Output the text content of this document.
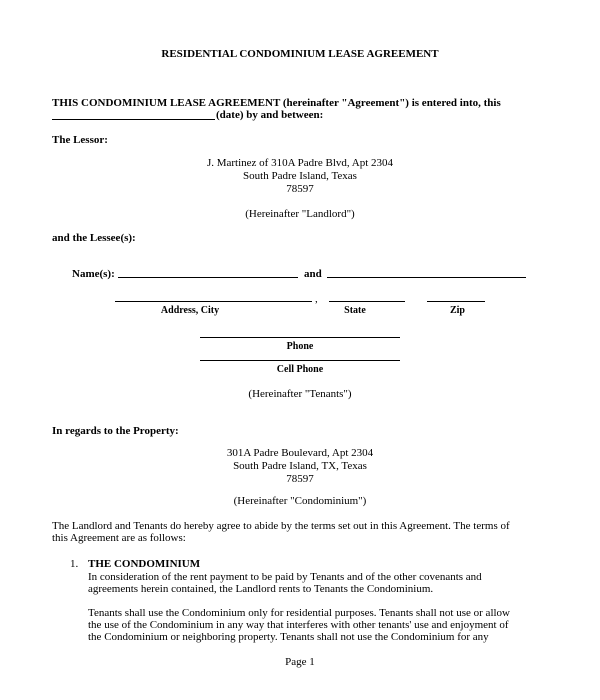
RESIDENTIAL CONDOMINIUM LEASE AGREEMENT
THIS CONDOMINIUM LEASE AGREEMENT (hereinafter "Agreement") is entered into, this
(date) by and between:
The Lessor:
J. Martinez of 310A Padre Blvd, Apt 2304
South Padre Island, Texas
78597
(Hereinafter "Landlord")
and the Lessee(s):
Name(s):	and
,
Address, City	State	Zip
Phone
Cell Phone
(Hereinafter "Tenants")
In regards to the Property:
301A Padre Boulevard, Apt 2304
South Padre Island, TX, Texas
78597
(Hereinafter "Condominium")

The Landlord and Tenants do hereby agree to abide by the terms set out in this Agreement. The terms of

this Agreement are as follows:

1. THE CONDOMINIUM

In consideration of the rent payment to be paid by Tenants and of the other covenants and

agreements herein contained, the Landlord rents to Tenants the Condominium.

Tenants shall use the Condominium only for residential purposes. Tenants shall not use or allow

the use of the Condominium in any way that interferes with other tenants' use and enjoyment of

the Condominium or neighboring property. Tenants shall not use the Condominium for any

Page 1
